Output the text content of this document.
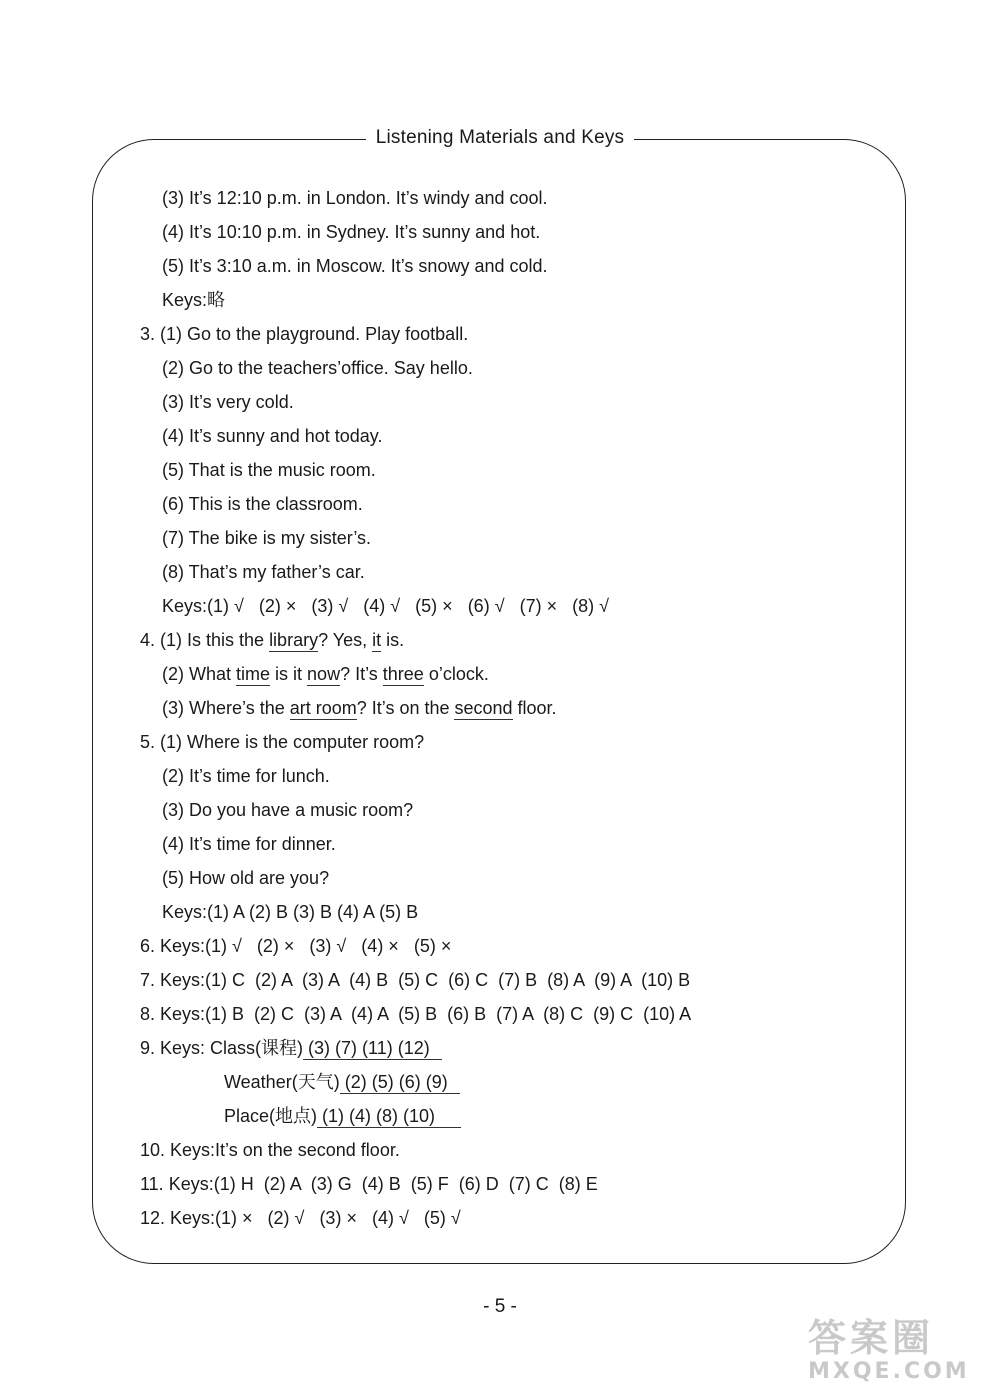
Listening Materials and Keys
(3) It’s 12:10 p.m. in London. It’s windy and cool.
(4) It’s 10:10 p.m. in Sydney. It’s sunny and hot.
(5) It’s 3:10 a.m. in Moscow. It’s snowy and cold.
Keys:略
3. (1) Go to the playground. Play football.
(2) Go to the teachers’office. Say hello.
(3) It’s very cold.
(4) It’s sunny and hot today.
(5) That is the music room.
(6) This is the classroom.
(7) The bike is my sister’s.
(8) That’s my father’s car.
Keys:(1) √   (2) ×   (3) √   (4) √   (5) ×   (6) √   (7) ×   (8) √
4. (1) Is this the library? Yes, it is.
(2) What time is it now? It’s three o’clock.
(3) Where’s the art room? It’s on the second floor.
5. (1) Where is the computer room?
(2) It’s time for lunch.
(3) Do you have a music room?
(4) It’s time for dinner.
(5) How old are you?
Keys:(1) A (2) B (3) B (4) A (5) B
6. Keys:(1) √   (2) ×   (3) √   (4) ×   (5) ×
7. Keys:(1) C  (2) A  (3) A  (4) B  (5) C  (6) C  (7) B  (8) A  (9) A  (10) B
8. Keys:(1) B  (2) C  (3) A  (4) A  (5) B  (6) B  (7) A  (8) C  (9) C  (10) A
9. Keys: Class(课程) (3) (7) (11) (12)
Weather(天气) (2) (5) (6) (9)
Place(地点) (1) (4) (8) (10)
10. Keys:It’s on the second floor.
11. Keys:(1) H  (2) A  (3) G  (4) B  (5) F  (6) D  (7) C  (8) E
12. Keys:(1) ×   (2) √   (3) ×   (4) √   (5) √
- 5 -
答案圈
MXQE.COM
